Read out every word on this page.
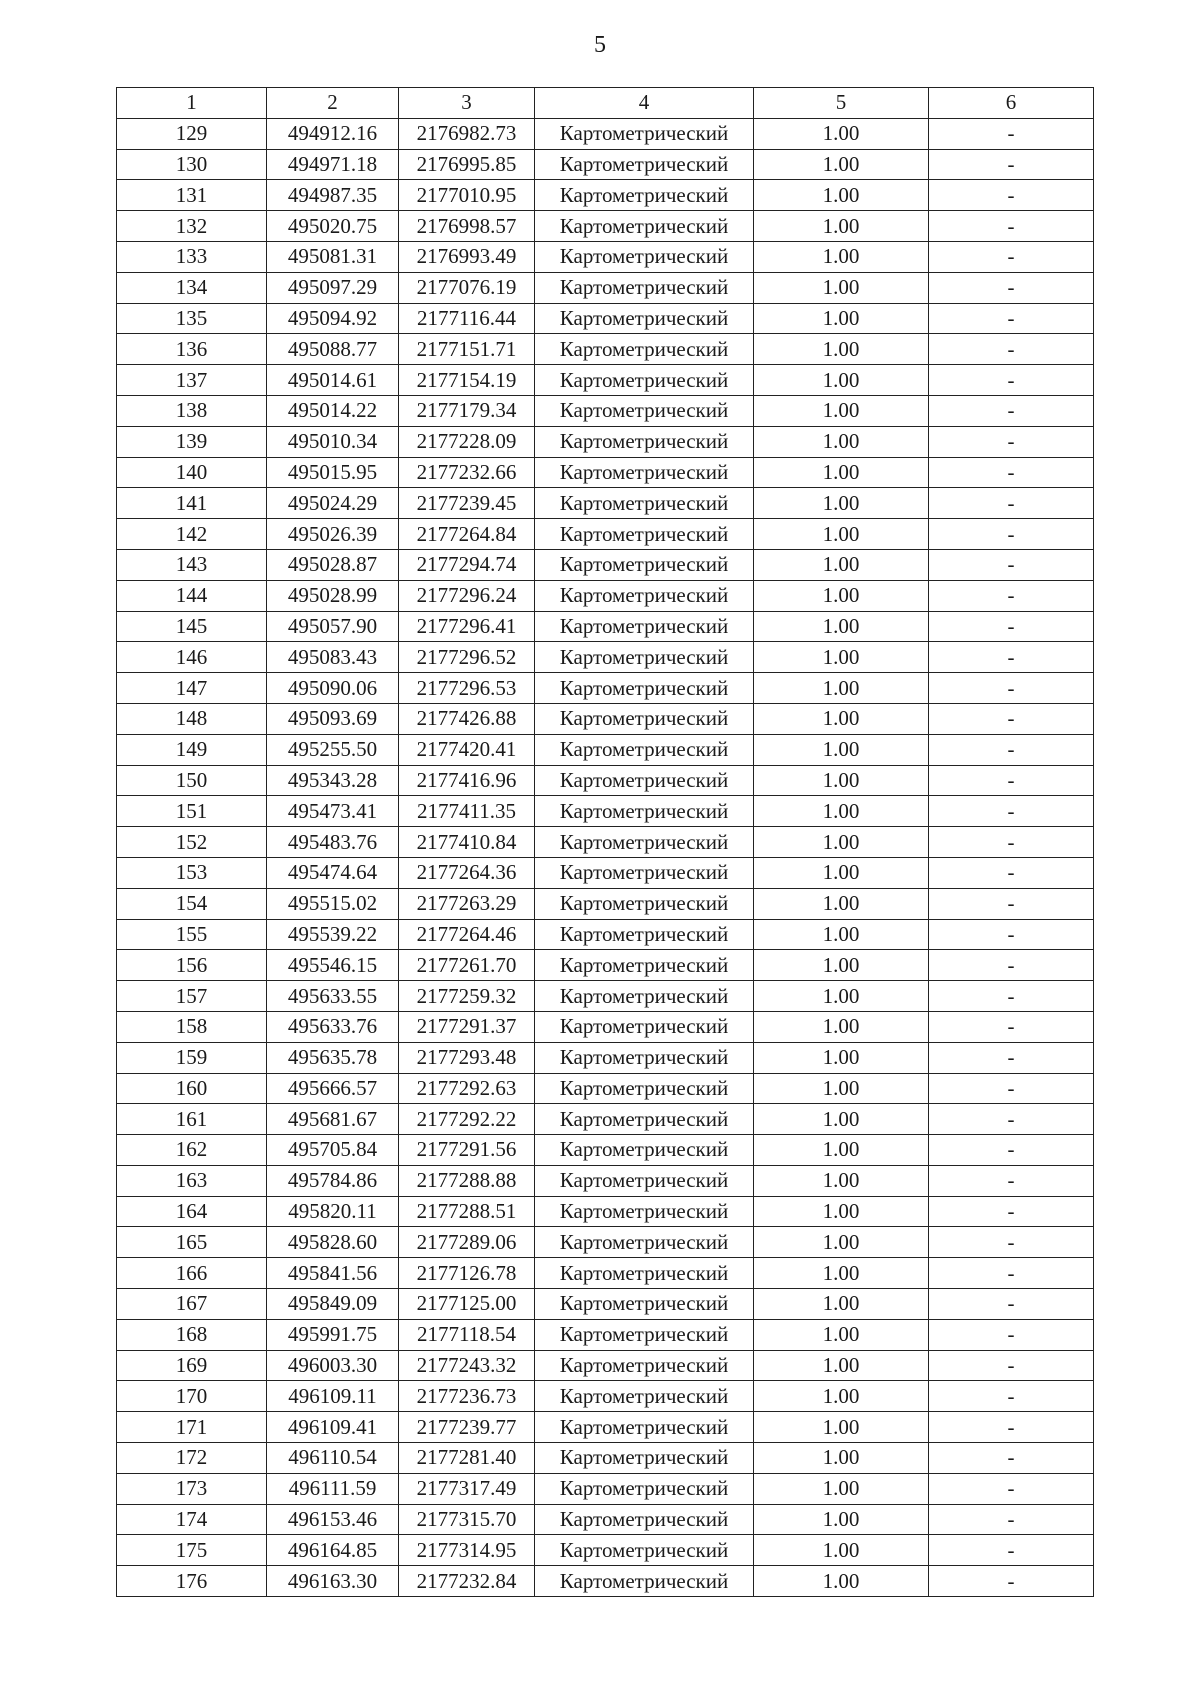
5
1	2	3	4	5	6
129	494912.16	2176982.73	Картометрический	1.00	-
130	494971.18	2176995.85	Картометрический	1.00	-
131	494987.35	2177010.95	Картометрический	1.00	-
132	495020.75	2176998.57	Картометрический	1.00	-
133	495081.31	2176993.49	Картометрический	1.00	-
134	495097.29	2177076.19	Картометрический	1.00	-
135	495094.92	2177116.44	Картометрический	1.00	-
136	495088.77	2177151.71	Картометрический	1.00	-
137	495014.61	2177154.19	Картометрический	1.00	-
138	495014.22	2177179.34	Картометрический	1.00	-
139	495010.34	2177228.09	Картометрический	1.00	-
140	495015.95	2177232.66	Картометрический	1.00	-
141	495024.29	2177239.45	Картометрический	1.00	-
142	495026.39	2177264.84	Картометрический	1.00	-
143	495028.87	2177294.74	Картометрический	1.00	-
144	495028.99	2177296.24	Картометрический	1.00	-
145	495057.90	2177296.41	Картометрический	1.00	-
146	495083.43	2177296.52	Картометрический	1.00	-
147	495090.06	2177296.53	Картометрический	1.00	-
148	495093.69	2177426.88	Картометрический	1.00	-
149	495255.50	2177420.41	Картометрический	1.00	-
150	495343.28	2177416.96	Картометрический	1.00	-
151	495473.41	2177411.35	Картометрический	1.00	-
152	495483.76	2177410.84	Картометрический	1.00	-
153	495474.64	2177264.36	Картометрический	1.00	-
154	495515.02	2177263.29	Картометрический	1.00	-
155	495539.22	2177264.46	Картометрический	1.00	-
156	495546.15	2177261.70	Картометрический	1.00	-
157	495633.55	2177259.32	Картометрический	1.00	-
158	495633.76	2177291.37	Картометрический	1.00	-
159	495635.78	2177293.48	Картометрический	1.00	-
160	495666.57	2177292.63	Картометрический	1.00	-
161	495681.67	2177292.22	Картометрический	1.00	-
162	495705.84	2177291.56	Картометрический	1.00	-
163	495784.86	2177288.88	Картометрический	1.00	-
164	495820.11	2177288.51	Картометрический	1.00	-
165	495828.60	2177289.06	Картометрический	1.00	-
166	495841.56	2177126.78	Картометрический	1.00	-
167	495849.09	2177125.00	Картометрический	1.00	-
168	495991.75	2177118.54	Картометрический	1.00	-
169	496003.30	2177243.32	Картометрический	1.00	-
170	496109.11	2177236.73	Картометрический	1.00	-
171	496109.41	2177239.77	Картометрический	1.00	-
172	496110.54	2177281.40	Картометрический	1.00	-
173	496111.59	2177317.49	Картометрический	1.00	-
174	496153.46	2177315.70	Картометрический	1.00	-
175	496164.85	2177314.95	Картометрический	1.00	-
176	496163.30	2177232.84	Картометрический	1.00	-
